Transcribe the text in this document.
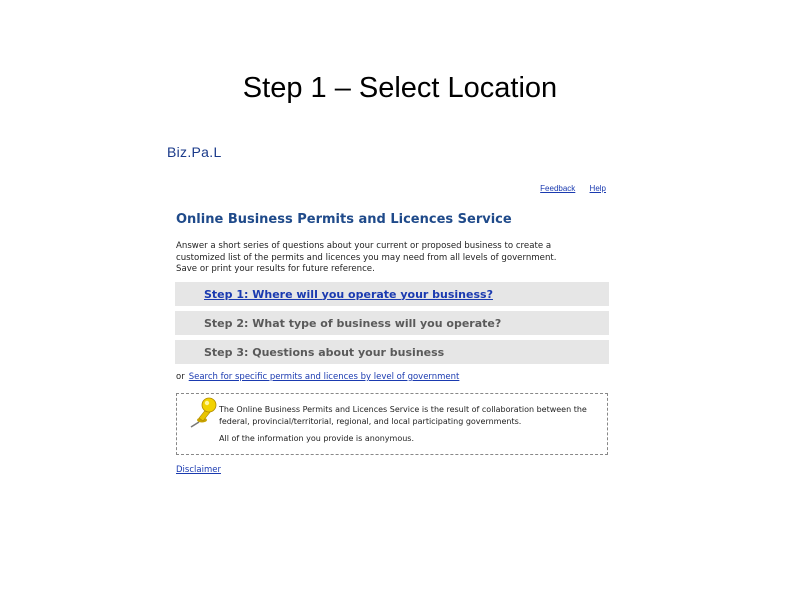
Step 1 – Select Location
Biz.Pa.L
Feedback Help
Online Business Permits and Licences Service
Answer a short series of questions about your current or proposed business to create a
customized list of the permits and licences you may need from all levels of government.
Save or print your results for future reference.
Step 1: Where will you operate your business?
Step 2: What type of business will you operate?
Step 3: Questions about your business
or Search for specific permits and licences by level of government
The Online Business Permits and Licences Service is the result of collaboration between the
federal, provincial/territorial, regional, and local participating governments.
All of the information you provide is anonymous.
Disclaimer
